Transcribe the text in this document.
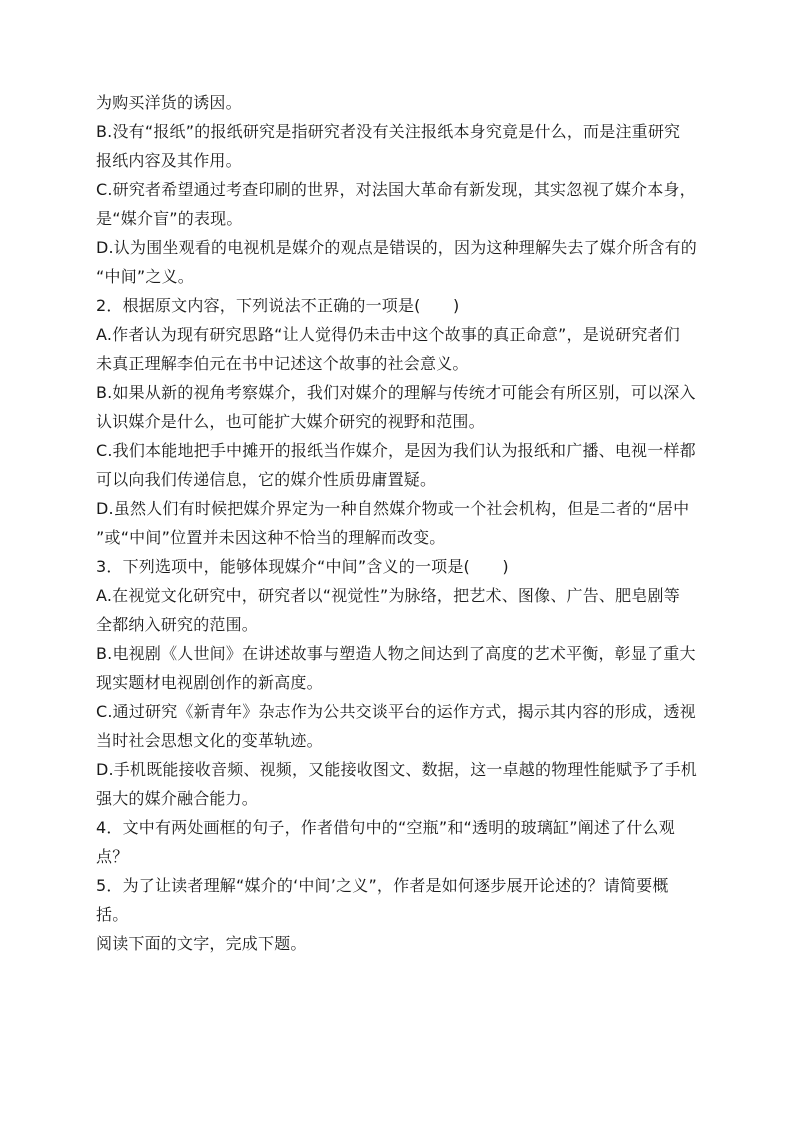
为购买洋货的诱因。
B.没有“报纸”的报纸研究是指研究者没有关注报纸本身究竟是什么，而是注重研究
报纸内容及其作用。
C.研究者希望通过考查印刷的世界，对法国大革命有新发现，其实忽视了媒介本身，
是“媒介盲”的表现。
D.认为围坐观看的电视机是媒介的观点是错误的，因为这种理解失去了媒介所含有的
“中间”之义。
2．根据原文内容，下列说法不正确的一项是(　　)
A.作者认为现有研究思路“让人觉得仍未击中这个故事的真正命意”，是说研究者们
未真正理解李伯元在书中记述这个故事的社会意义。
B.如果从新的视角考察媒介，我们对媒介的理解与传统才可能会有所区别，可以深入
认识媒介是什么，也可能扩大媒介研究的视野和范围。
C.我们本能地把手中摊开的报纸当作媒介，是因为我们认为报纸和广播、电视一样都
可以向我们传递信息，它的媒介性质毋庸置疑。
D.虽然人们有时候把媒介界定为一种自然媒介物或一个社会机构，但是二者的“居中
”或“中间”位置并未因这种不恰当的理解而改变。
3．下列选项中，能够体现媒介“中间”含义的一项是(　　)
A.在视觉文化研究中，研究者以“视觉性”为脉络，把艺术、图像、广告、肥皂剧等
全都纳入研究的范围。
B.电视剧《人世间》在讲述故事与塑造人物之间达到了高度的艺术平衡，彰显了重大
现实题材电视剧创作的新高度。
C.通过研究《新青年》杂志作为公共交谈平台的运作方式，揭示其内容的形成，透视
当时社会思想文化的变革轨迹。
D.手机既能接收音频、视频，又能接收图文、数据，这一卓越的物理性能赋予了手机
强大的媒介融合能力。
4．文中有两处画框的句子，作者借句中的“空瓶”和“透明的玻璃缸”阐述了什么观
点？
5．为了让读者理解“媒介的‘中间’之义”，作者是如何逐步展开论述的？请简要概
括。
阅读下面的文字，完成下题。
